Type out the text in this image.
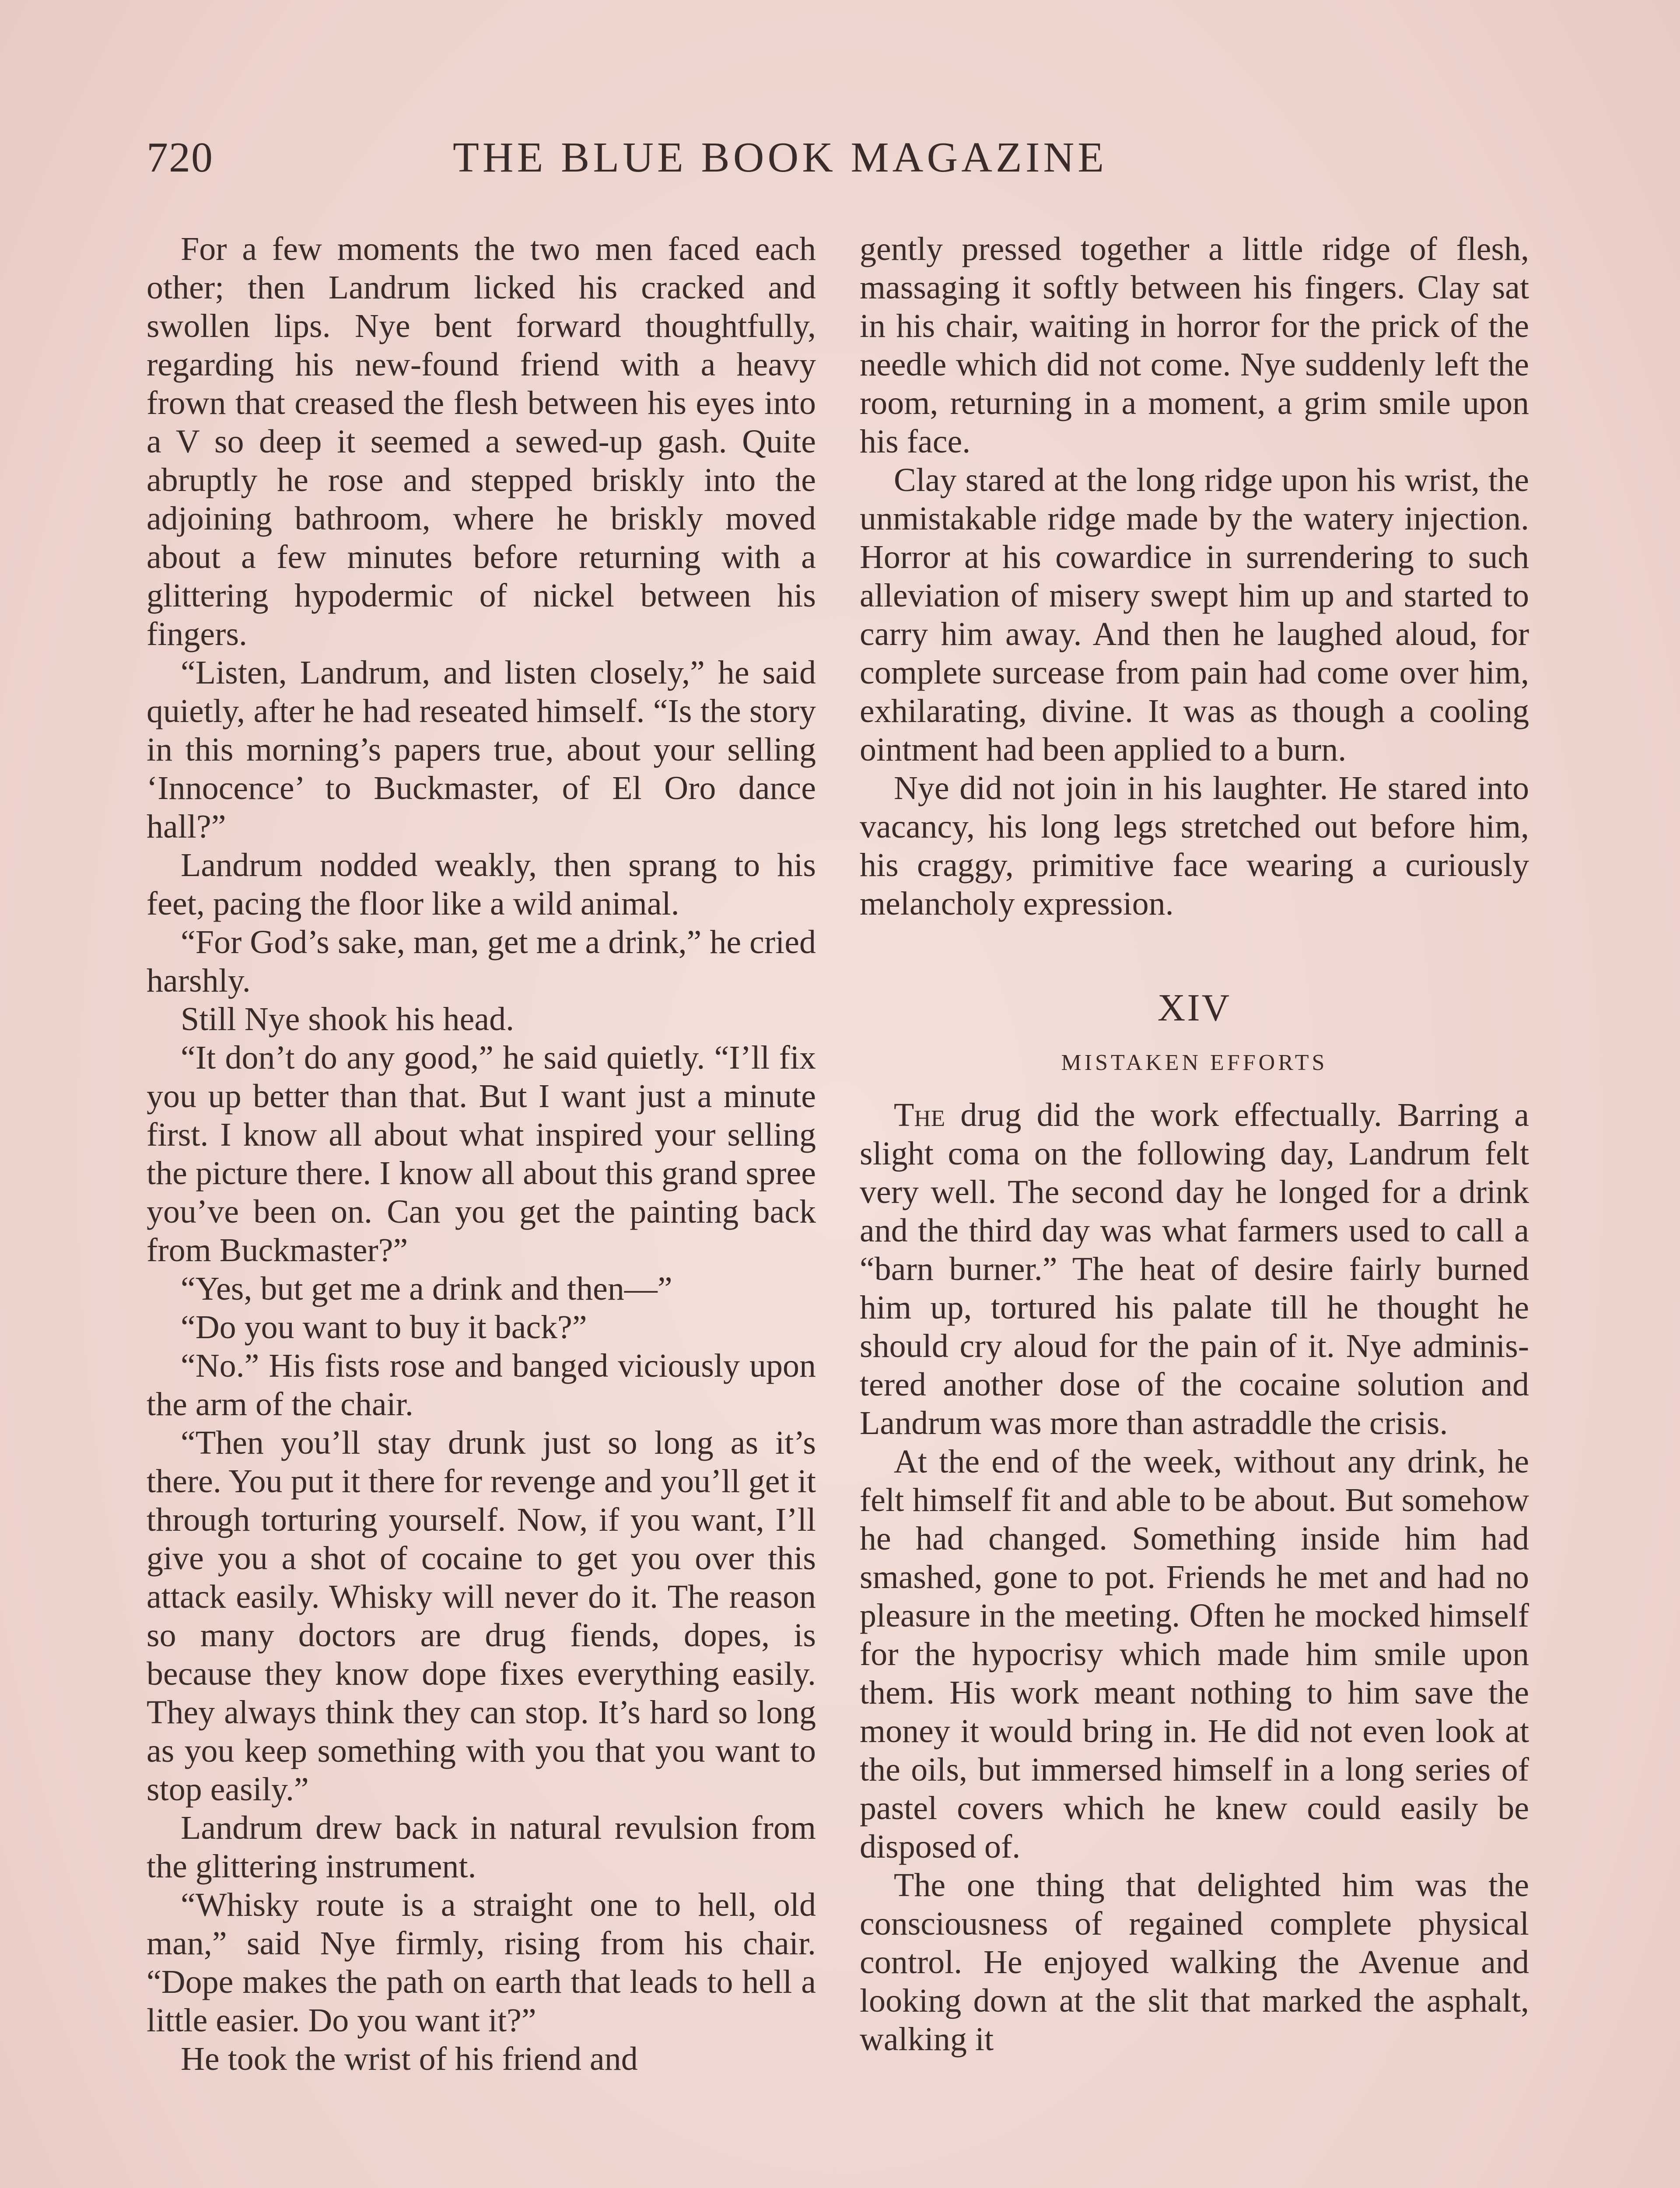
720	THE BLUE BOOK MAGAZINE

For a few moments the two men faced each other; then Landrum licked his cracked and swollen lips. Nye bent forward thoughtfully, regarding his new-found friend with a heavy frown that creased the flesh between his eyes into a V so deep it seemed a sewed-up gash. Quite abruptly he rose and stepped briskly into the adjoining bathroom, where he briskly moved about a few minutes before returning with a glittering hypodermic of nickel between his fingers.

“Listen, Landrum, and listen closely,” he said quietly, after he had reseated himself. “Is the story in this morning’s papers true, about your selling ‘Innocence’ to Buckmaster, of El Oro dance hall?”

Landrum nodded weakly, then sprang to his feet, pacing the floor like a wild animal.

“For God’s sake, man, get me a drink,” he cried harshly.

Still Nye shook his head.

“It don’t do any good,” he said quietly. “I’ll fix you up better than that. But I want just a minute first. I know all about what inspired your selling the picture there. I know all about this grand spree you’ve been on. Can you get the painting back from Buckmaster?”

“Yes, but get me a drink and then—”

“Do you want to buy it back?”

“No.” His fists rose and banged viciously upon the arm of the chair.

“Then you’ll stay drunk just so long as it’s there. You put it there for revenge and you’ll get it through torturing yourself. Now, if you want, I’ll give you a shot of cocaine to get you over this attack easily. Whisky will never do it. The reason so many doctors are drug fiends, dopes, is because they know dope fixes everything easily. They always think they can stop. It’s hard so long as you keep something with you that you want to stop easily.”

Landrum drew back in natural revulsion from the glittering instrument.

“Whisky route is a straight one to hell, old man,” said Nye firmly, rising from his chair. “Dope makes the path on earth that leads to hell a little easier. Do you want it?”

He took the wrist of his friend and

gently pressed together a little ridge of flesh, massaging it softly between his fingers. Clay sat in his chair, waiting in horror for the prick of the needle which did not come. Nye suddenly left the room, returning in a moment, a grim smile upon his face.

Clay stared at the long ridge upon his wrist, the unmistakable ridge made by the watery injection. Horror at his cowardice in surrendering to such alleviation of misery swept him up and started to carry him away. And then he laughed aloud, for complete surcease from pain had come over him, exhilarating, divine. It was as though a cooling ointment had been applied to a burn.

Nye did not join in his laughter. He stared into vacancy, his long legs stretched out before him, his craggy, primitive face wearing a curiously melancholy expression.

XIV
MISTAKEN EFFORTS

The drug did the work effectually. Barring a slight coma on the following day, Landrum felt very well. The second day he longed for a drink and the third day was what farmers used to call a “barn burner.” The heat of desire fairly burned him up, tortured his palate till he thought he should cry aloud for the pain of it. Nye administered another dose of the cocaine solution and Landrum was more than astraddle the crisis.

At the end of the week, without any drink, he felt himself fit and able to be about. But somehow he had changed. Something inside him had smashed, gone to pot. Friends he met and had no pleasure in the meeting. Often he mocked himself for the hypocrisy which made him smile upon them. His work meant nothing to him save the money it would bring in. He did not even look at the oils, but immersed himself in a long series of pastel covers which he knew could easily be disposed of.

The one thing that delighted him was the consciousness of regained complete physical control. He enjoyed walking the Avenue and looking down at the slit that marked the asphalt, walking it
